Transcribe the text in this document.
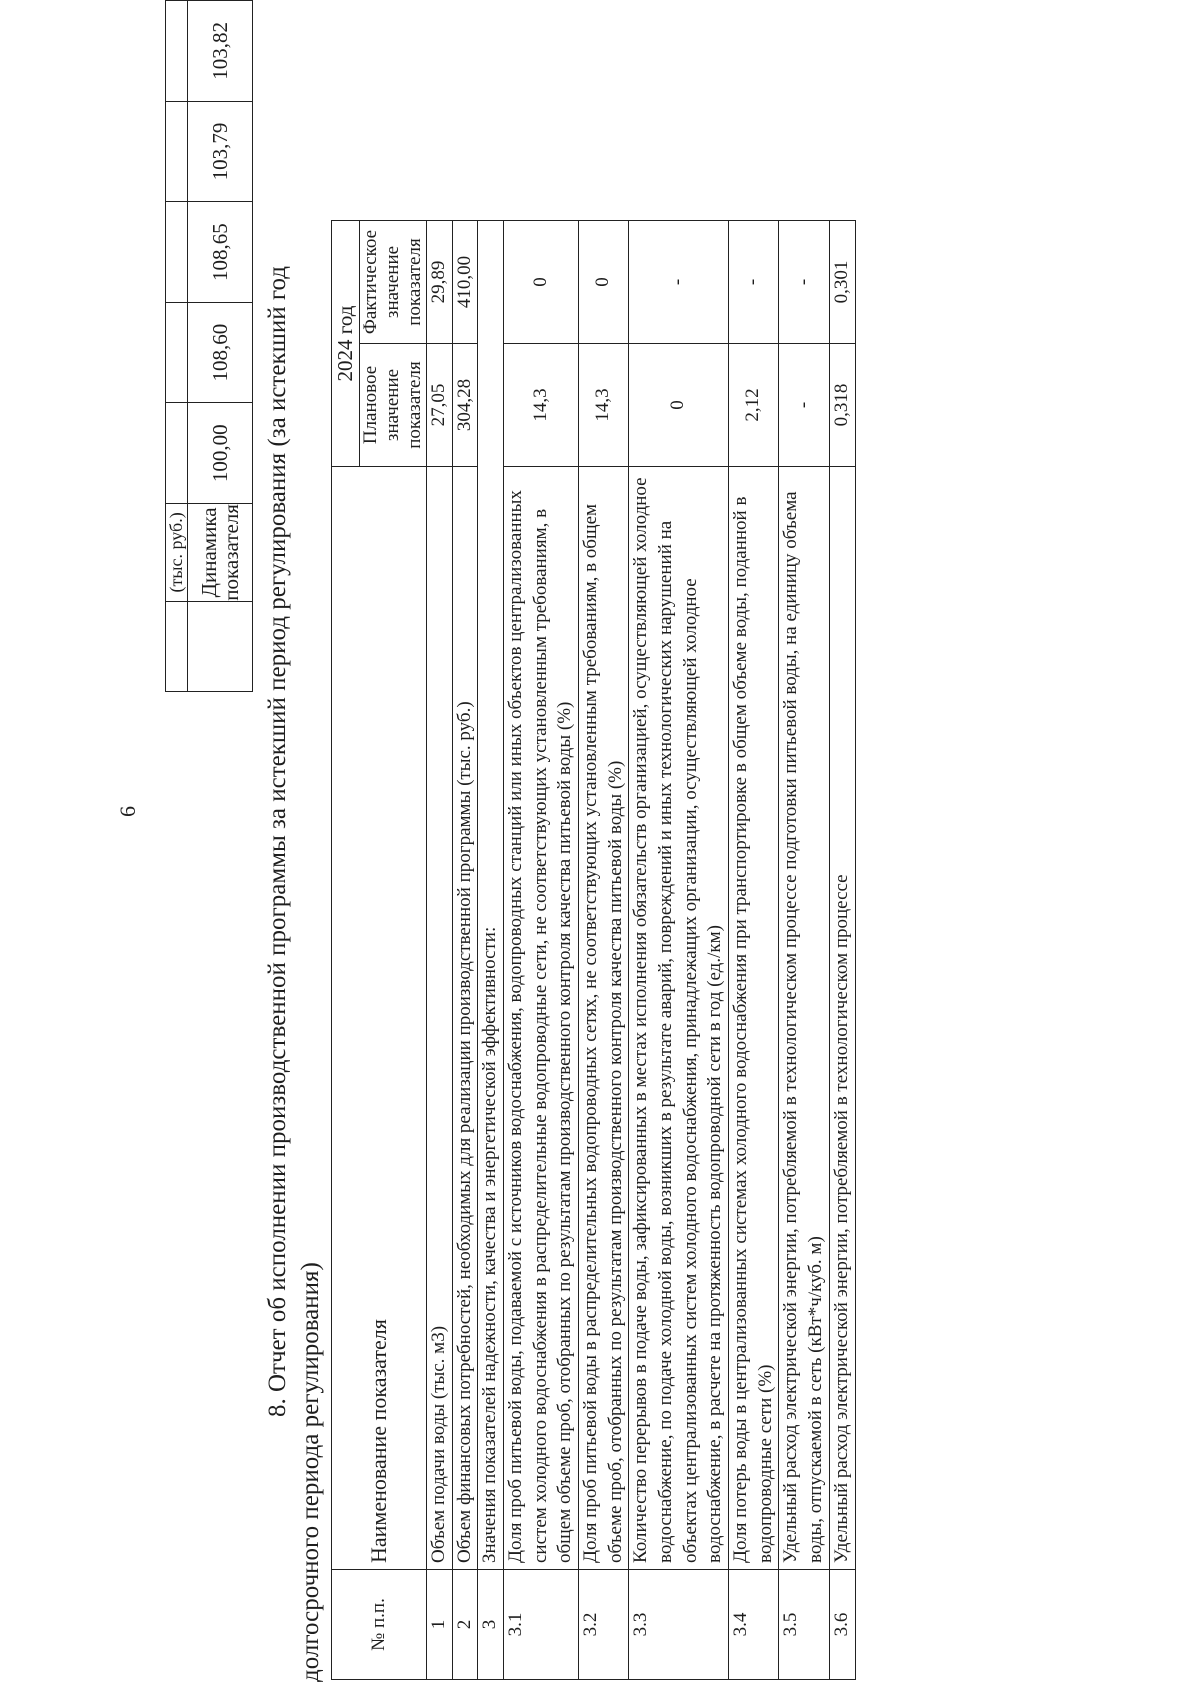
6
	(тыс. руб.)					
	Динамика показателя	100,00	108,60	108,65	103,79	103,82
8. Отчет об исполнении производственной программы за истекший период регулирования (за истекший год
долгосрочного периода регулирования) № п.п.	Наименование показателя	2024 год	
		Плановое значение показателя	Фактическое значение показателя
1	Объем подачи воды (тыс. м3)	27,05	29,89
2	Объем финансовых потребностей, необходимых для реализации производственной программы (тыс. руб.)	304,28	410,00
3	Значения показателей надежности, качества и энергетической эффективности:		
3.1	Доля проб питьевой воды, подаваемой с источников водоснабжения, водопроводных станций или иных объектов централизованных систем холодного водоснабжения в распределительные водопроводные сети, не соответствующих установленным требованиям, в общем объеме проб, отобранных по результатам производственного контроля качества питьевой воды (%)	14,3	0
3.2	Доля проб питьевой воды в распределительных водопроводных сетях, не соответствующих установленным требованиям, в общем объеме проб, отобранных по результатам производственного контроля качества питьевой воды (%)	14,3	0
3.3	Количество перерывов в подаче воды, зафиксированных в местах исполнения обязательств организацией, осуществляющей холодное водоснабжение, по подаче холодной воды, возникших в результате аварий, повреждений и иных технологических нарушений на объектах централизованных систем холодного водоснабжения, принадлежащих организации, осуществляющей холодное водоснабжение, в расчете на протяженность водопроводной сети в год (ед./км)	0	-
3.4	Доля потерь воды в централизованных системах холодного водоснабжения при транспортировке в общем объеме воды, поданной в водопроводные сети (%)	2,12	-
3.5	Удельный расход электрической энергии, потребляемой в технологическом процессе подготовки питьевой воды, на единицу объема воды, отпускаемой в сеть (кВт*ч/куб. м)	-	-
3.6	Удельный расход электрической энергии, потребляемой в технологическом процессе	0,318	0,301
